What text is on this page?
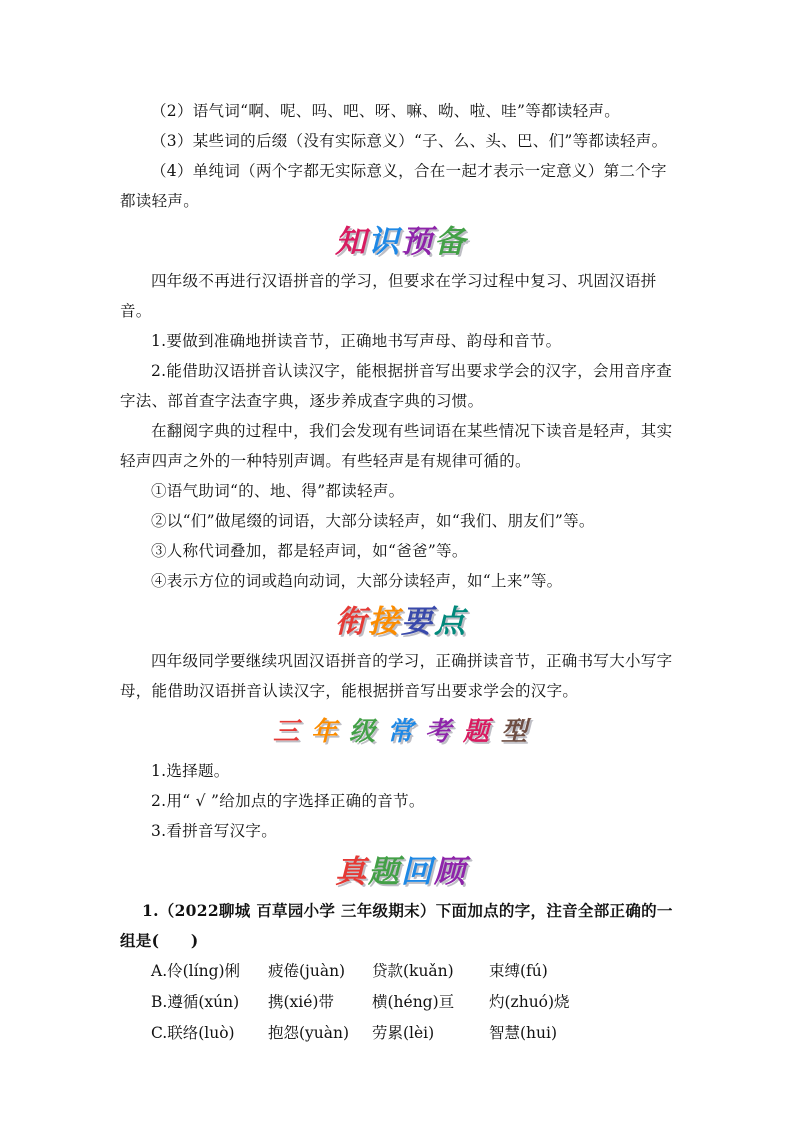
（2）语气词“啊、呢、吗、吧、呀、嘛、呦、啦、哇”等都读轻声。

（3）某些词的后缀（没有实际意义）“子、么、头、巴、们”等都读轻声。

（4）单纯词（两个字都无实际意义，合在一起才表示一定意义）第二个字都读轻声。

知识预备

四年级不再进行汉语拼音的学习，但要求在学习过程中复习、巩固汉语拼音。

1.要做到准确地拼读音节，正确地书写声母、韵母和音节。

2.能借助汉语拼音认读汉字，能根据拼音写出要求学会的汉字，会用音序查字法、部首查字法查字典，逐步养成查字典的习惯。

在翻阅字典的过程中，我们会发现有些词语在某些情况下读音是轻声，其实轻声四声之外的一种特别声调。有些轻声是有规律可循的。

①语气助词“的、地、得”都读轻声。

②以“们”做尾缀的词语，大部分读轻声，如“我们、朋友们”等。

③人称代词叠加，都是轻声词，如“爸爸”等。

④表示方位的词或趋向动词，大部分读轻声，如“上来”等。

衔接要点

四年级同学要继续巩固汉语拼音的学习，正确拼读音节，正确书写大小写字母，能借助汉语拼音认读汉字，能根据拼音写出要求学会的汉字。

三 年 级 常 考 题 型

1.选择题。

2.用“ √ ”给加点的字选择正确的音节。

3.看拼音写汉字。

真题回顾

1.（2022聊城 百草园小学 三年级期末）下面加点的字，注音全部正确的一组是(　　)

A.伶(líng)俐	疲倦(juàn)	贷款(kuǎn)	束缚(fú)
B.遵循(xún)	携(xié)带	横(héng)亘	灼(zhuó)烧
C.联络(luò)	抱怨(yuàn)	劳累(lèi)	智慧(hui)
